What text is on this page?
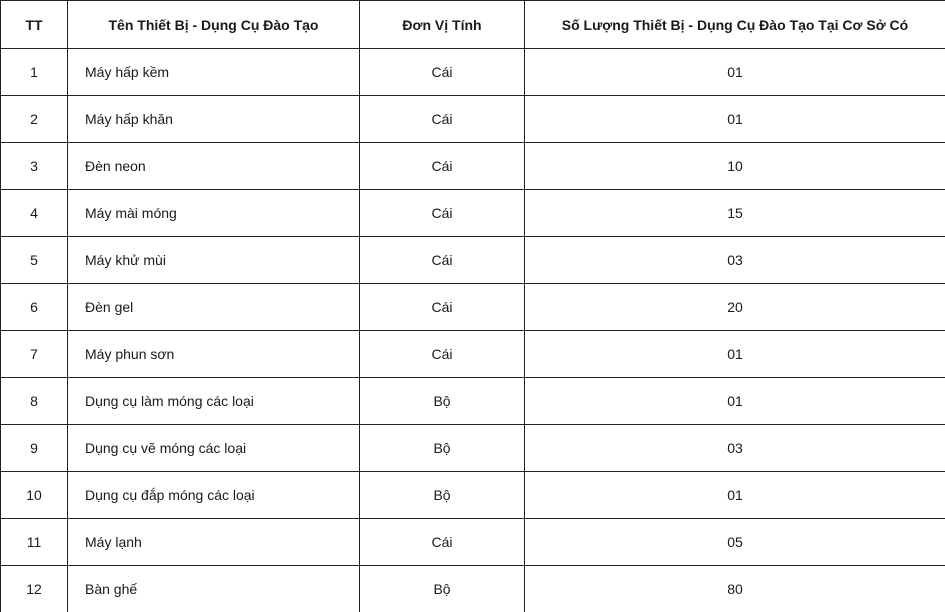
TT	Tên Thiết Bị - Dụng Cụ Đào Tạo	Đơn Vị Tính	Số Lượng Thiết Bị - Dụng Cụ Đào Tạo Tại Cơ Sở Có
1	Máy hấp kềm	Cái	01
2	Máy hấp khăn	Cái	01
3	Đèn neon	Cái	10
4	Máy mài móng	Cái	15
5	Máy khử mùi	Cái	03
6	Đèn gel	Cái	20
7	Máy phun sơn	Cái	01
8	Dụng cụ làm móng các loại	Bộ	01
9	Dụng cụ vẽ móng các loại	Bộ	03
10	Dụng cụ đắp móng các loại	Bộ	01
11	Máy lạnh	Cái	05
12	Bàn ghế	Bộ	80
